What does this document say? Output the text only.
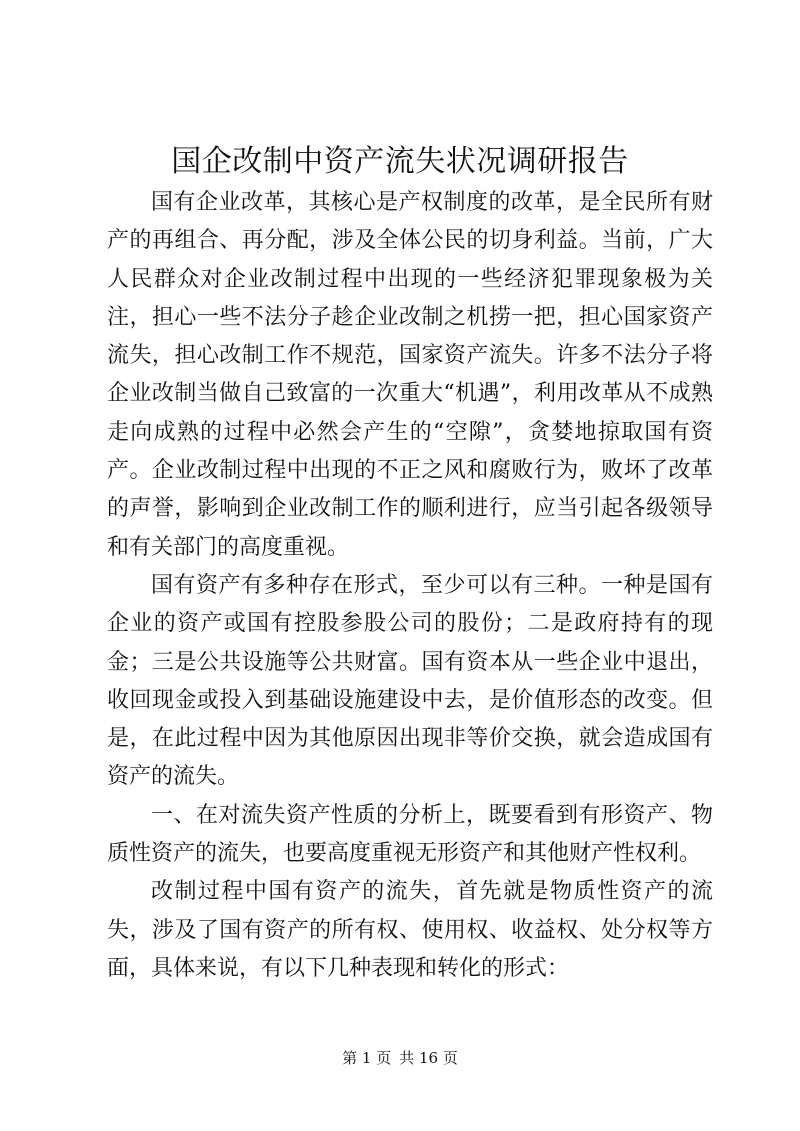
国企改制中资产流失状况调研报告

国有企业改革，其核心是产权制度的改革，是全民所有财产的再组合、再分配，涉及全体公民的切身利益。当前，广大人民群众对企业改制过程中出现的一些经济犯罪现象极为关注，担心一些不法分子趁企业改制之机捞一把，担心国家资产流失，担心改制工作不规范，国家资产流失。许多不法分子将企业改制当做自己致富的一次重大“机遇”，利用改革从不成熟走向成熟的过程中必然会产生的“空隙”，贪婪地掠取国有资产。企业改制过程中出现的不正之风和腐败行为，败坏了改革的声誉，影响到企业改制工作的顺利进行，应当引起各级领导和有关部门的高度重视。

国有资产有多种存在形式，至少可以有三种。一种是国有企业的资产或国有控股参股公司的股份；二是政府持有的现金；三是公共设施等公共财富。国有资本从一些企业中退出，收回现金或投入到基础设施建设中去，是价值形态的改变。但是，在此过程中因为其他原因出现非等价交换，就会造成国有资产的流失。

一、在对流失资产性质的分析上，既要看到有形资产、物质性资产的流失，也要高度重视无形资产和其他财产性权利。

改制过程中国有资产的流失，首先就是物质性资产的流失，涉及了国有资产的所有权、使用权、收益权、处分权等方面，具体来说，有以下几种表现和转化的形式：

第 1 页 共 16 页
